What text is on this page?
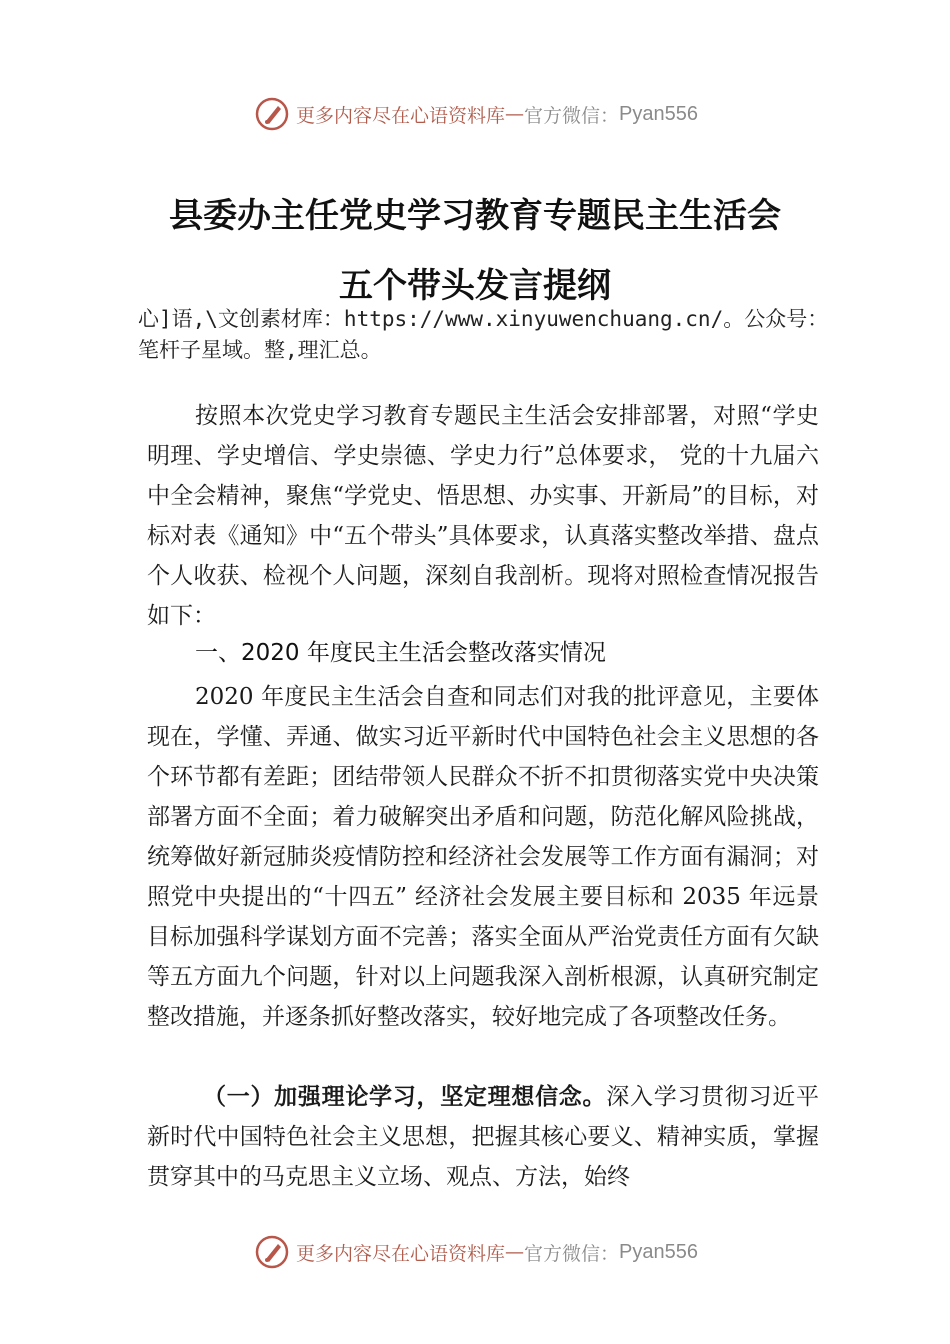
更多内容尽在心语资料库 — 官方微信： Pyan556
县委办主任党史学习教育专题民主生活会
五个带头发言提纲
心]语,\文创素材库：https://www.xinyuwenchuang.cn/。公众号：笔杆子星域。整,理汇总。

按照本次党史学习教育专题民主生活会安排部署，对照“学史明理、学史增信、学史崇德、学史力行”总体要求， 党的十九届六中全会精神，聚焦“学党史、悟思想、办实事、开新局”的目标，对标对表《通知》中“五个带头”具体要求，认真落实整改举措、盘点个人收获、检视个人问题，深刻自我剖析。现将对照检查情况报告如下：

一、2020 年度民主生活会整改落实情况

2020 年度民主生活会自查和同志们对我的批评意见，主要体现在，学懂、弄通、做实习近平新时代中国特色社会主义思想的各个环节都有差距；团结带领人民群众不折不扣贯彻落实党中央决策部署方面不全面；着力破解突出矛盾和问题，防范化解风险挑战，统筹做好新冠肺炎疫情防控和经济社会发展等工作方面有漏洞；对照党中央提出的“十四五” 经济社会发展主要目标和 2035 年远景目标加强科学谋划方面不完善；落实全面从严治党责任方面有欠缺等五方面九个问题，针对以上问题我深入剖析根源，认真研究制定整改措施，并逐条抓好整改落实，较好地完成了各项整改任务。

（一）加强理论学习，坚定理想信念。深入学习贯彻习近平新时代中国特色社会主义思想，把握其核心要义、精神实质，掌握贯穿其中的马克思主义立场、观点、方法，始终

更多内容尽在心语资料库 — 官方微信： Pyan556
